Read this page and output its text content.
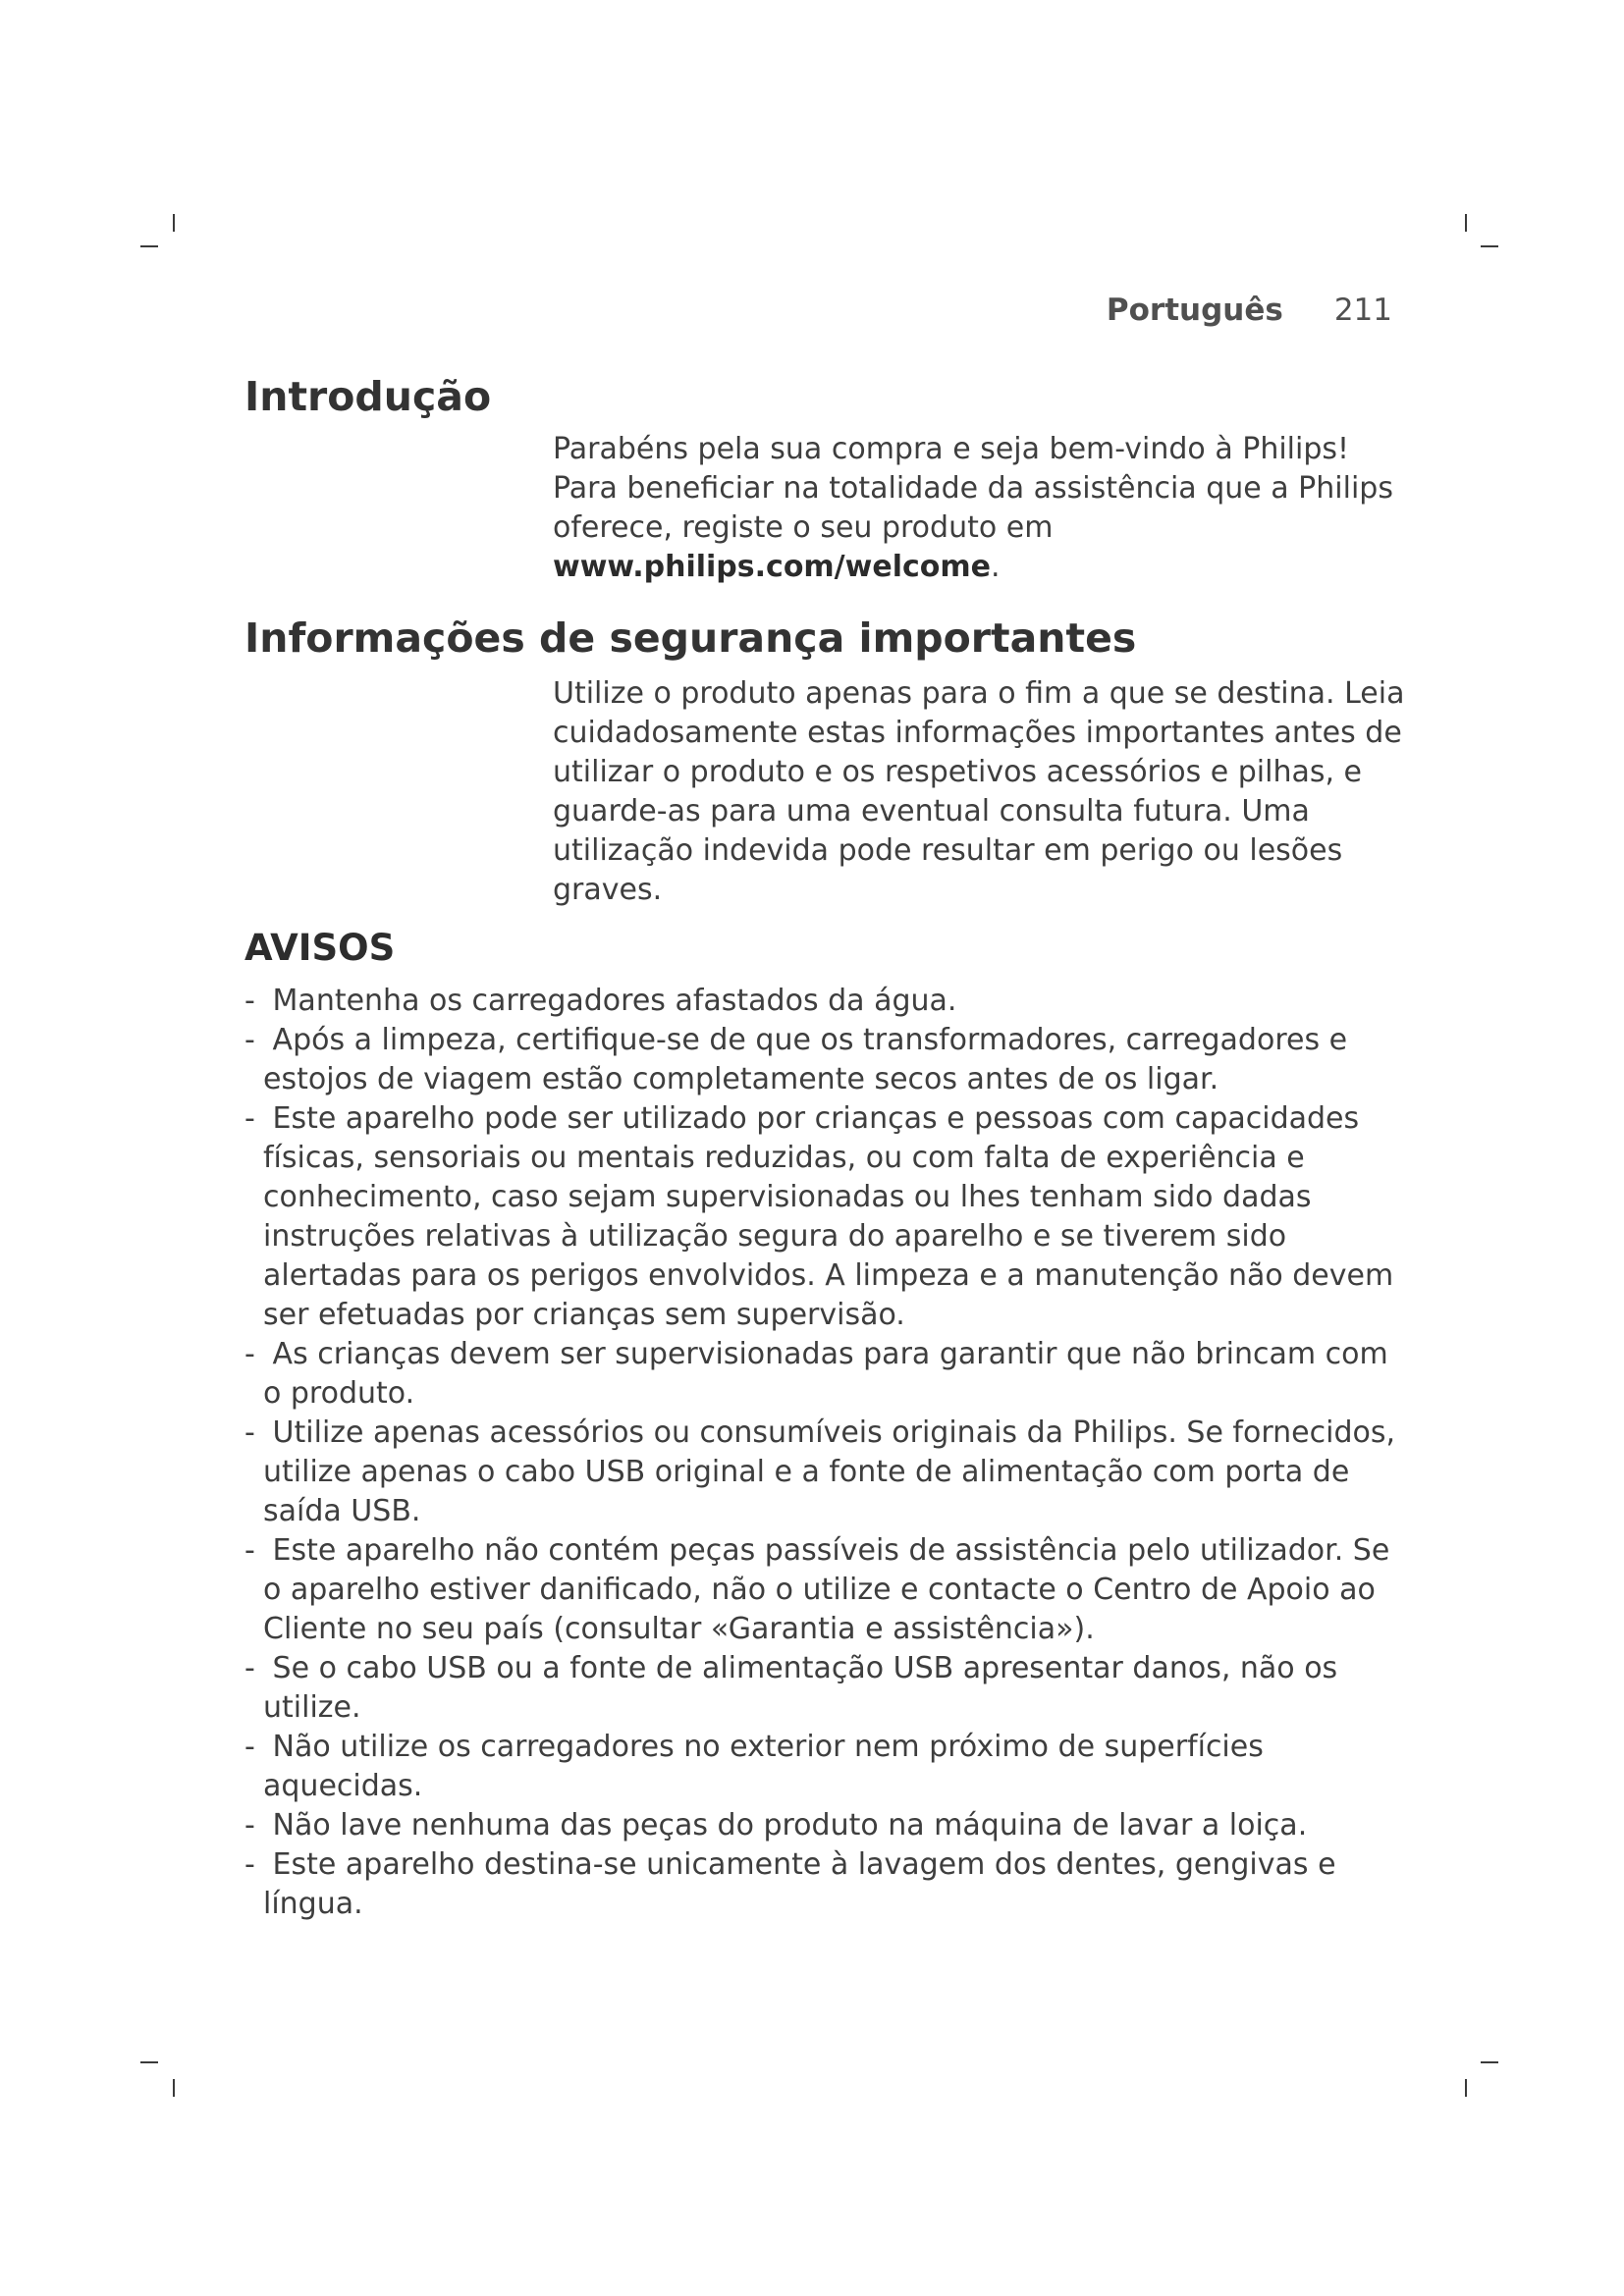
Português 211
Introdução
Parabéns pela sua compra e seja bem-vindo à Philips! Para beneficiar na totalidade da assistência que a Philips oferece, registe o seu produto em www.philips.com/welcome.
Informações de segurança importantes
Utilize o produto apenas para o fim a que se destina. Leia cuidadosamente estas informações importantes antes de utilizar o produto e os respetivos acessórios e pilhas, e guarde-as para uma eventual consulta futura. Uma utilização indevida pode resultar em perigo ou lesões graves.
AVISOS
- Mantenha os carregadores afastados da água.
- Após a limpeza, certifique-se de que os transformadores, carregadores e estojos de viagem estão completamente secos antes de os ligar.
- Este aparelho pode ser utilizado por crianças e pessoas com capacidades físicas, sensoriais ou mentais reduzidas, ou com falta de experiência e conhecimento, caso sejam supervisionadas ou lhes tenham sido dadas instruções relativas à utilização segura do aparelho e se tiverem sido alertadas para os perigos envolvidos. A limpeza e a manutenção não devem ser efetuadas por crianças sem supervisão.
- As crianças devem ser supervisionadas para garantir que não brincam com o produto.
- Utilize apenas acessórios ou consumíveis originais da Philips. Se fornecidos, utilize apenas o cabo USB original e a fonte de alimentação com porta de saída USB.
- Este aparelho não contém peças passíveis de assistência pelo utilizador. Se o aparelho estiver danificado, não o utilize e contacte o Centro de Apoio ao Cliente no seu país (consultar «Garantia e assistência»).
- Se o cabo USB ou a fonte de alimentação USB apresentar danos, não os utilize.
- Não utilize os carregadores no exterior nem próximo de superfícies aquecidas.
- Não lave nenhuma das peças do produto na máquina de lavar a loiça.
- Este aparelho destina-se unicamente à lavagem dos dentes, gengivas e língua.
